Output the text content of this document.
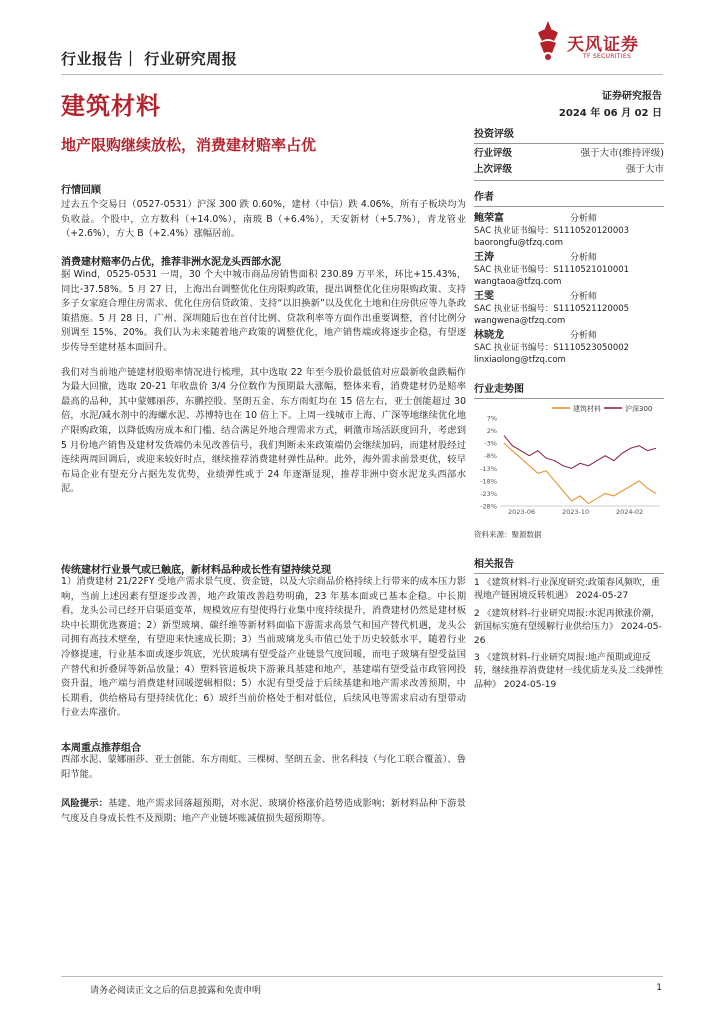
行业报告｜ 行业研究周报
天风证券
TF SECURITIES
建筑材料	证券研究报告
2024 年 06 月 02 日
地产限购继续放松，消费建材赔率占优
行情回顾

过去五个交易日（0527-0531）沪深 300 跌 0.60%，建材（中信）跌 4.06%，所有子板块均为负收益。个股中，立方数科（+14.0%），南玻 B（+6.4%），天安新材（+5.7%），青龙管业（+2.6%），方大 B（+2.4%）涨幅居前。

消费建材赔率仍占优，推荐非洲水泥龙头西部水泥

据 Wind，0525-0531 一周，30 个大中城市商品房销售面积 230.89 万平米，环比+15.43%，同比-37.58%。5 月 27 日，上海出台调整优化住房限购政策，提出调整优化住房限购政策、支持多子女家庭合理住房需求、优化住房信贷政策、支持“以旧换新”以及优化土地和住房供应等九条政策措施。5 月 28 日，广州、深圳随后也在首付比例、贷款利率等方面作出重要调整，首付比例分别调至 15%、20%。我们认为未来随着地产政策的调整优化，地产销售端或将逐步企稳，有望逐步传导至建材基本面回升。

我们对当前地产链建材股赔率情况进行梳理，其中选取 22 年至今股价最低值对应最新收盘跌幅作为最大回撤，选取 20-21 年收盘价 3/4 分位数作为预期最大涨幅，整体来看，消费建材仍是赔率最高的品种，其中蒙娜丽莎、东鹏控股、坚朗五金、东方雨虹均在 15 倍左右，亚士创能超过 30 倍，水泥/减水剂中的海螺水泥、苏博特也在 10 倍上下。上周一线城市上海、广深等地继续优化地产限购政策，以降低购房成本和门槛、结合满足外地合理需求方式，刺激市场活跃度回升，考虑到 5 月份地产销售及建材发货端仍未见改善信号，我们判断未来政策端仍会继续加码，而建材股经过连续两周回调后，或迎来较好时点，继续推荐消费建材弹性品种。此外，海外需求前景更优，较早布局企业有望充分占据先发优势，业绩弹性或于 24 年逐渐显现，推荐非洲中资水泥龙头西部水泥。

传统建材行业景气或已触底，新材料品种成长性有望持续兑现

1）消费建材 21/22FY 受地产需求景气度、资金链，以及大宗商品价格持续上行带来的成本压力影响，当前上述因素有望逐步改善，地产政策改善趋势明确，23 年基本面或已基本企稳。中长期看，龙头公司已经开启渠道变革，规模效应有望使得行业集中度持续提升，消费建材仍然是建材板块中长期优选赛道；2）新型玻璃、碳纤维等新材料面临下游需求高景气和国产替代机遇，龙头公司拥有高技术壁垒，有望迎来快速成长期；3）当前玻璃龙头市值已处于历史较低水平，随着行业冷修提速，行业基本面或逐步筑底，光伏玻璃有望受益产业链景气度回暖，而电子玻璃有望受益国产替代和折叠屏等新品放量；4）塑料管道板块下游兼具基建和地产，基建端有望受益市政管网投资升温，地产端与消费建材回暖逻辑相似；5）水泥有望受益于后续基建和地产需求改善预期，中长期看，供给格局有望持续优化；6）玻纤当前价格处于相对低位，后续风电等需求启动有望带动行业去库涨价。

本周重点推荐组合

西部水泥、蒙娜丽莎、亚士创能、东方雨虹、三棵树、坚朗五金、世名科技（与化工联合覆盖）、鲁阳节能。

风险提示：基建、地产需求回落超预期，对水泥、玻璃价格涨价趋势造成影响；新材料品种下游景气度及自身成长性不及预期；地产产业链坏账减值损失超预期等。
投资评级
行业评级	强于大市(维持评级)
上次评级	强于大市
作者
鲍荣富	分析师
SAC 执业证书编号：S1110520120003
baorongfu@tfzq.com
王涛	分析师
SAC 执业证书编号：S1110521010001
wangtaoa@tfzq.com
王雯	分析师
SAC 执业证书编号：S1110521120005
wangwena@tfzq.com
林晓龙	分析师
SAC 执业证书编号：S1110523050002
linxiaolong@tfzq.com
行业走势图
建筑材料	沪深300
7%
2%
-3%
-8%
-13%
-18%
-23%
-28%
2023-06	2023-10	2024-02
资料来源：聚源数据
相关报告
1 《建筑材料-行业深度研究:政策春风频吹，重视地产链困境反转机遇》 2024-05-27
2 《建筑材料-行业研究周报:水泥再掀涨价潮，新国标实施有望缓解行业供给压力》 2024-05-26
3 《建筑材料-行业研究周报:地产预期或迎反转，继续推荐消费建材一线优质龙头及二线弹性品种》 2024-05-19
请务必阅读正文之后的信息披露和免责申明	1
